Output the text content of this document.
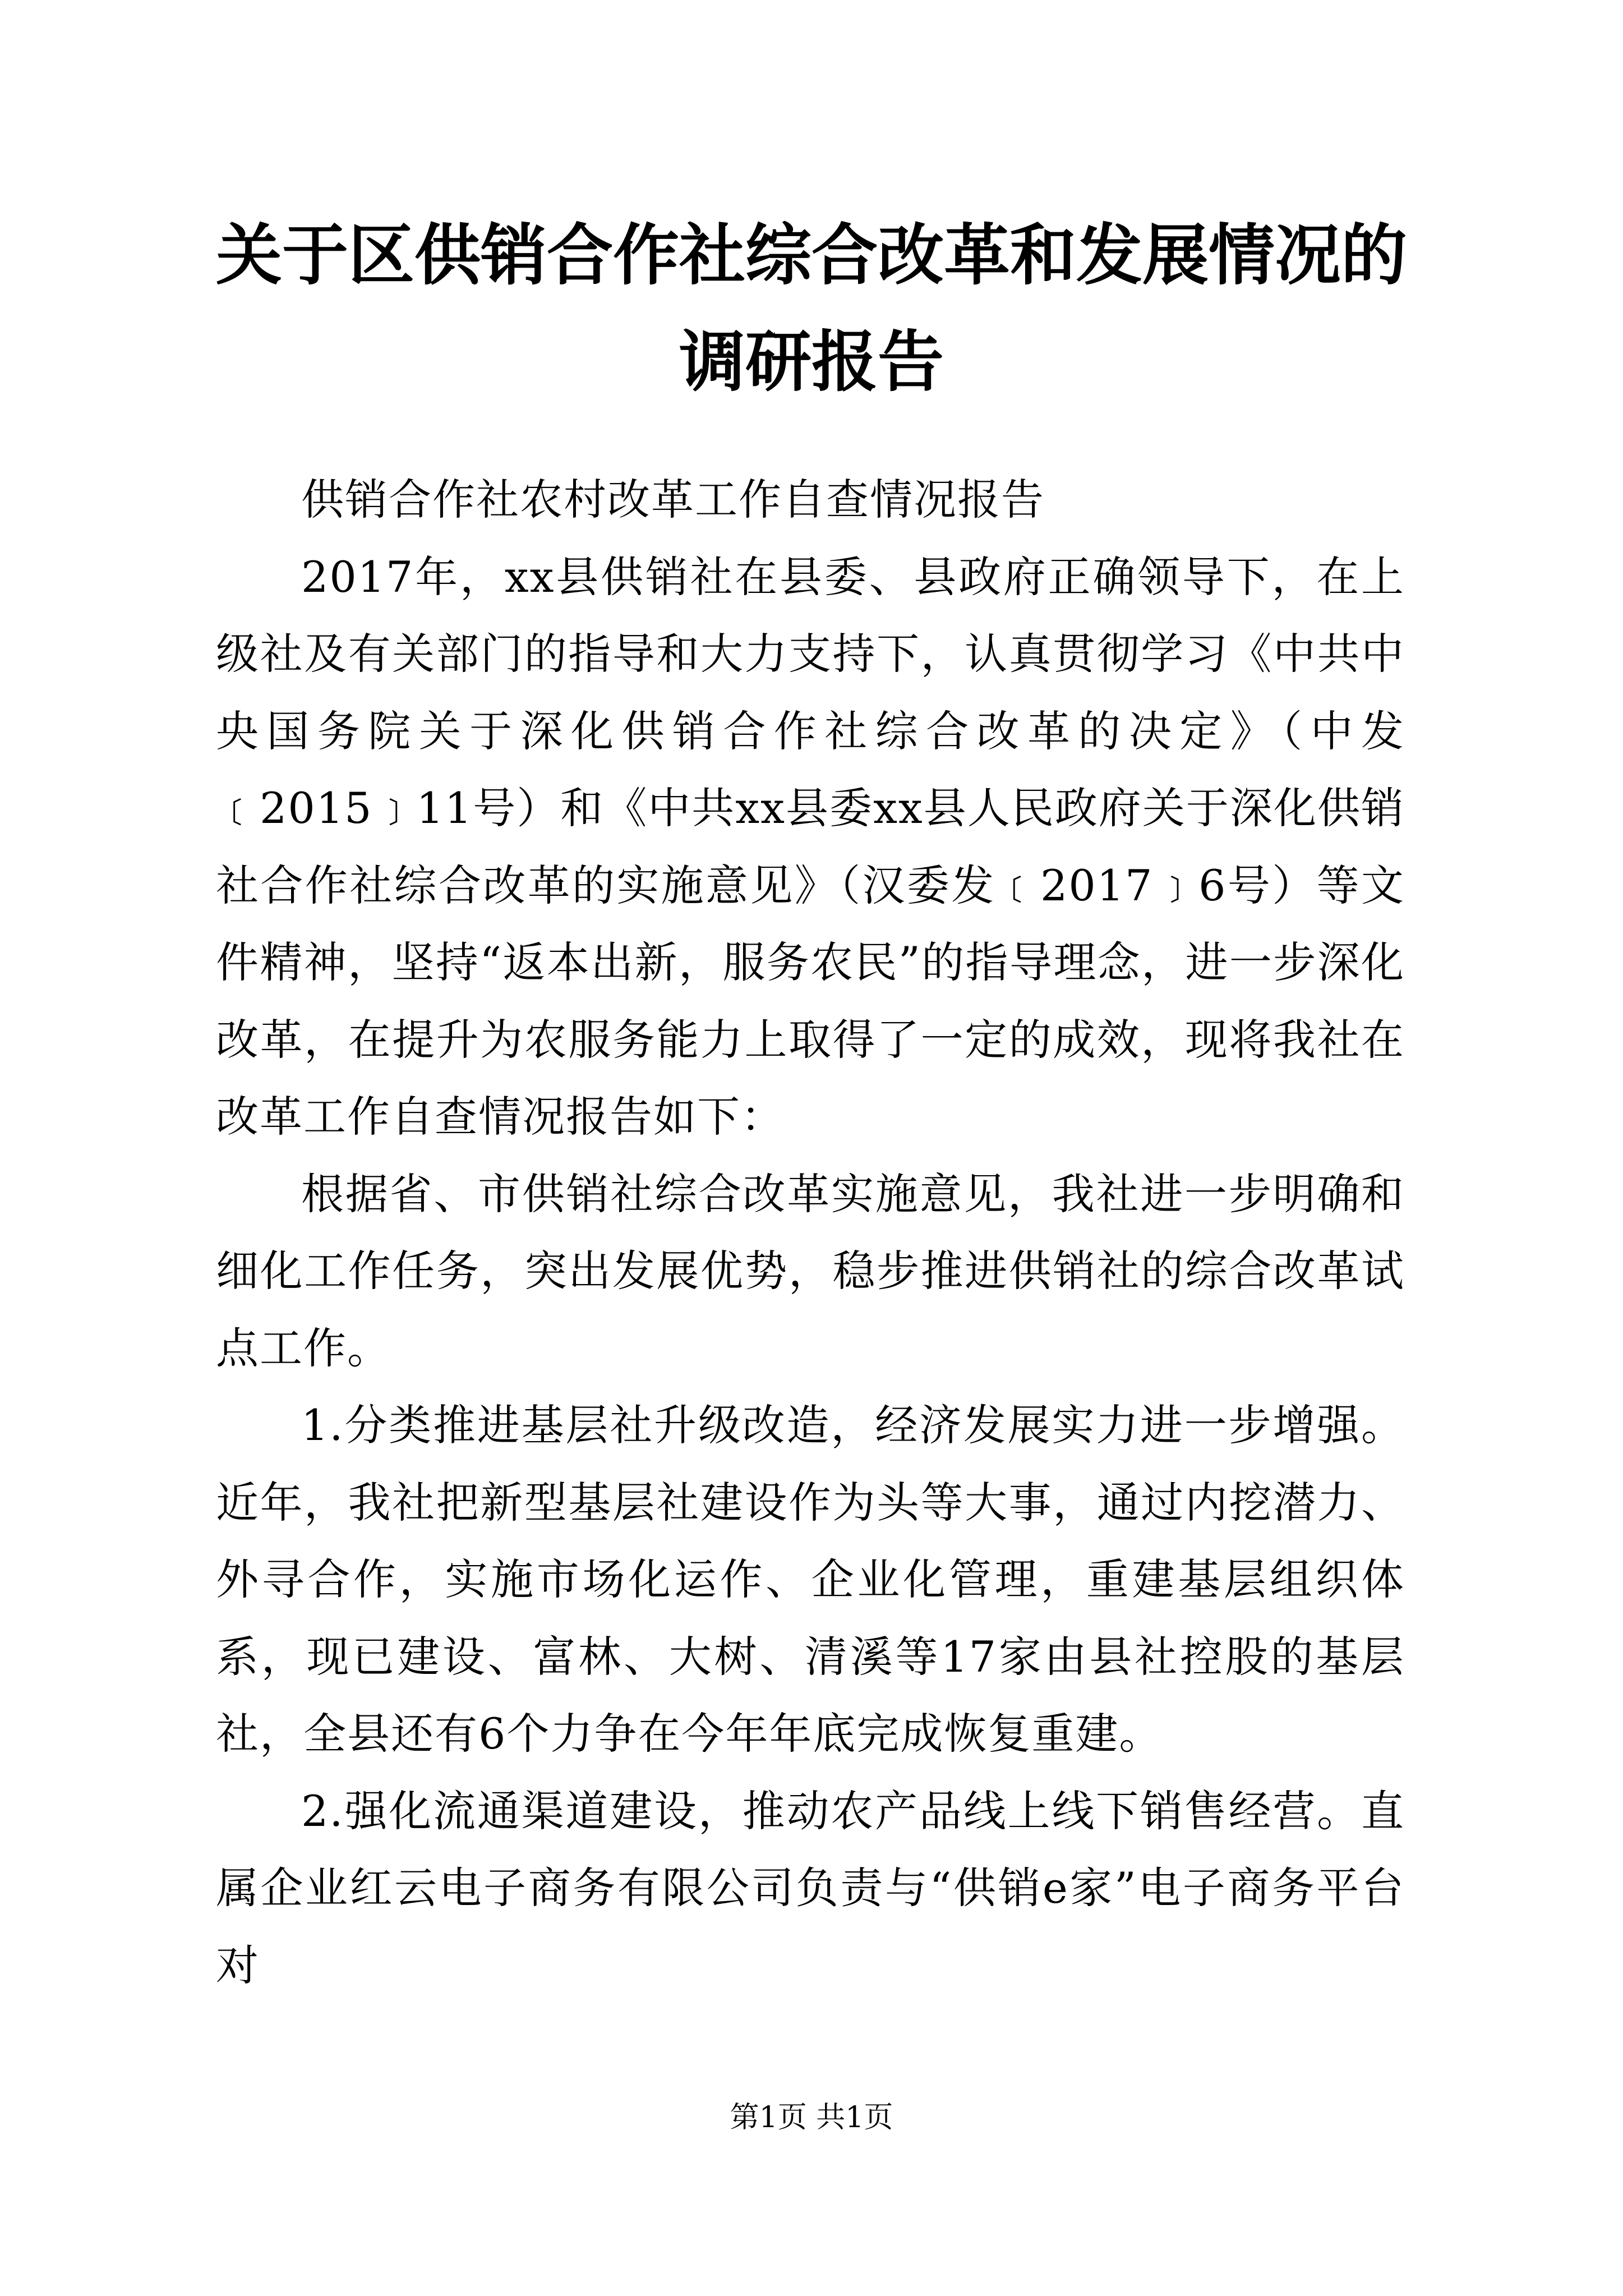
关于区供销合作社综合改革和发展情况的调研报告

供销合作社农村改革工作自查情况报告

2017年，xx县供销社在县委、县政府正确领导下，在上级社及有关部门的指导和大力支持下，认真贯彻学习《中共中央国务院关于深化供销合作社综合改革的决定》（中发﹝2015﹞11号）和《中共xx县委xx县人民政府关于深化供销社合作社综合改革的实施意见》（汉委发﹝2017﹞6号）等文件精神，坚持“返本出新，服务农民”的指导理念，进一步深化改革，在提升为农服务能力上取得了一定的成效，现将我社在改革工作自查情况报告如下：

根据省、市供销社综合改革实施意见，我社进一步明确和细化工作任务，突出发展优势，稳步推进供销社的综合改革试点工作。

1.分类推进基层社升级改造，经济发展实力进一步增强。近年，我社把新型基层社建设作为头等大事，通过内挖潜力、外寻合作，实施市场化运作、企业化管理，重建基层组织体系，现已建设、富林、大树、清溪等17家由县社控股的基层社，全县还有6个力争在今年年底完成恢复重建。

2.强化流通渠道建设，推动农产品线上线下销售经营。直属企业红云电子商务有限公司负责与“供销e家”电子商务平台对

第1页 共1页
